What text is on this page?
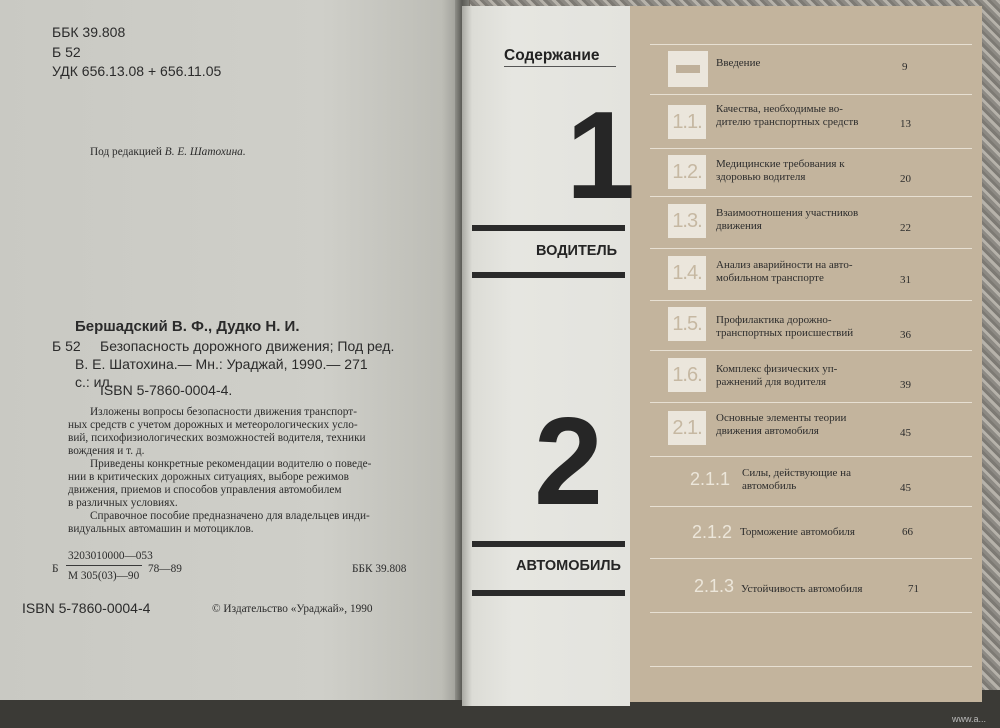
ББК 39.808
Б 52
УДК 656.13.08 + 656.11.05
Под редакцией В. Е. Шатохина.
Бершадский В. Ф., Дудко Н. И.
Б 52 Безопасность дорожного движения; Под ред.
В. Е. Шатохина.— Мн.: Ураджай, 1990.— 271
с.: ил.
ISBN 5-7860-0004-4.
Изложены вопросы безопасности движения транспорт-
ных средств с учетом дорожных и метеорологических усло-
вий, психофизиологических возможностей водителя, техники
вождения и т. д.
Приведены конкретные рекомендации водителю о поведе-
нии в критических дорожных ситуациях, выборе режимов
движения, приемов и способов управления автомобилем
в различных условиях.
Справочное пособие предназначено для владельцев инди-
видуальных автомашин и мотоциклов.
Б
3203010000—053
М 305(03)—90
78—89	ББК 39.808
ISBN 5-7860-0004-4	© Издательство «Ураджай», 1990
Содержание
1
ВОДИТЕЛЬ
2
АВТОМОБИЛЬ
Введение	9
1.1.
Качества, необходимые во-
дителю транспортных средств	13
1.2.	Медицинские требования к
здоровью водителя	20
1.3.	Взаимоотношения участников
движения	22
1.4.	Анализ аварийности на авто-
мобильном транспорте	31
1.5.	Профилактика дорожно-
транспортных происшествий	36
1.6.	Комплекс физических уп-
ражнений для водителя	39
2.1.	Основные элементы теории
движения автомобиля	45
2.1.1 Силы, действующие на
автомобиль	45
2.1.2 Торможение автомобиля	66
2.1.3 Устойчивость автомобиля	71
www.a...
